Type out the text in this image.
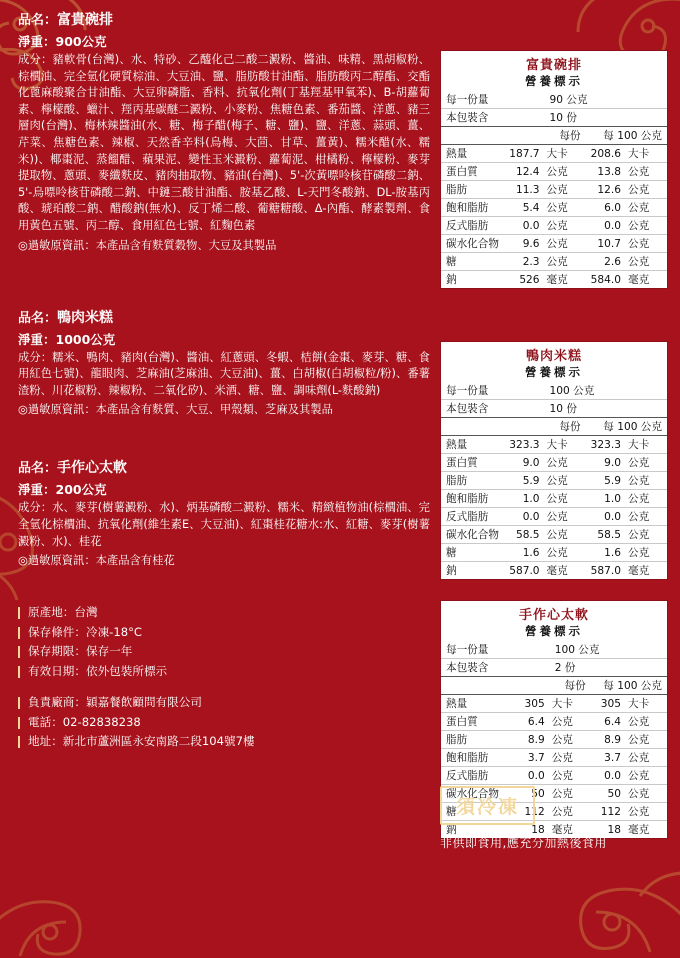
品名：富貴碗排
淨重：900公克
成分：豬軟骨(台灣)、水、特砂、乙醯化己二酸二澱粉、醬油、味精、黑胡椒粉、棕櫚油、完全氫化硬質棕油、大豆油、鹽、脂肪酸甘油酯、脂肪酸丙二醇酯、交酯化蓖麻酸聚合甘油酯、大豆卵磷脂、香料、抗氧化劑(丁基羥基甲氧苯)、B-胡蘿蔔素、檸檬酸、蠟汁、羥丙基碳醚二澱粉、小麥粉、焦糖色素、番茄醬、洋蔥、豬三層肉(台灣)、梅林辣醬油(水、糖、梅子醋(梅子、糖、鹽)、鹽、洋蔥、蒜頭、薑、芹菜、焦糖色素、辣椒、天然香辛料(烏梅、大茴、甘草、薑黃)、糯米醋(水、糯米))、椰棗泥、蒸餾醋、蘋果泥、變性玉米澱粉、蘿蔔泥、柑橘粉、檸檬粉、麥芽提取物、蔥頭、麥纖麩皮、豬肉抽取物、豬油(台灣)、5'-次黃嘌呤核苷磷酸二鈉、5'-烏嘌呤核苷磷酸二鈉、中鏈三酸甘油酯、胺基乙酸、L-天門冬酸鈉、DL-胺基丙酸、琥珀酸二鈉、醋酸鈉(無水)、反丁烯二酸、葡糖糖酸、Δ-內酯、酵素製劑、食用黃色五號、丙二醇、食用紅色七號、紅麴色素
◎過敏原資訊：本產品含有麩質穀物、大豆及其製品
品名：鴨肉米糕
淨重：1000公克
成分：糯米、鴨肉、豬肉(台灣)、醬油、紅蔥頭、冬蝦、桔餅(金棗、麥芽、糖、食用紅色七號)、龍眼肉、芝麻油(芝麻油、大豆油)、薑、白胡椒(白胡椒粒/粉)、番薯渣粉、川花椒粉、辣椒粉、二氧化矽)、米酒、糖、鹽、調味劑(L-麩酸鈉)
◎過敏原資訊：本產品含有麩質、大豆、甲殼類、芝麻及其製品
品名：手作心太軟
淨重：200公克
成分：水、麥芽(樹薯澱粉、水)、炳基磷酸二澱粉、糯米、精緻植物油(棕櫚油、完全氫化棕櫚油、抗氧化劑(維生素E、大豆油)、紅棗桂花糖水:水、紅糖、麥芽(樹薯澱粉、水)、桂花
◎過敏原資訊：本產品含有桂花
原產地：台灣
保存條件：冷凍-18°C
保存期限：保存一年
有效日期：依外包裝所標示
負責廠商：穎嘉餐飲顧問有限公司
電話：02-82838238
地址：新北市蘆洲區永安南路二段104號7樓
富貴碗排
營養標示
每一份量		90 公克		
本包裝含		10 份		
	每份		每 100 公克	
熱量	187.7	大卡	208.6	大卡
蛋白質	12.4	公克	13.8	公克
脂肪	11.3	公克	12.6	公克
飽和脂肪	5.4	公克	6.0	公克
反式脂肪	0.0	公克	0.0	公克
碳水化合物	9.6	公克	10.7	公克
糖	2.3	公克	2.6	公克
鈉	526	毫克	584.0	毫克
鴨肉米糕
營養標示
每一份量		100 公克		
本包裝含		10 份		
	每份		每 100 公克	
熱量	323.3	大卡	323.3	大卡
蛋白質	9.0	公克	9.0	公克
脂肪	5.9	公克	5.9	公克
飽和脂肪	1.0	公克	1.0	公克
反式脂肪	0.0	公克	0.0	公克
碳水化合物	58.5	公克	58.5	公克
糖	1.6	公克	1.6	公克
鈉	587.0	毫克	587.0	毫克
手作心太軟
營養標示
每一份量		100 公克		
本包裝含		2 份		
	每份		每 100 公克	
熱量	305	大卡	305	大卡
蛋白質	6.4	公克	6.4	公克
脂肪	8.9	公克	8.9	公克
飽和脂肪	3.7	公克	3.7	公克
反式脂肪	0.0	公克	0.0	公克
碳水化合物	50	公克	50	公克
糖	112	公克	112	公克
鈉	18	毫克	18	毫克
須冷凍
非供即食用,應充分加熱後食用
